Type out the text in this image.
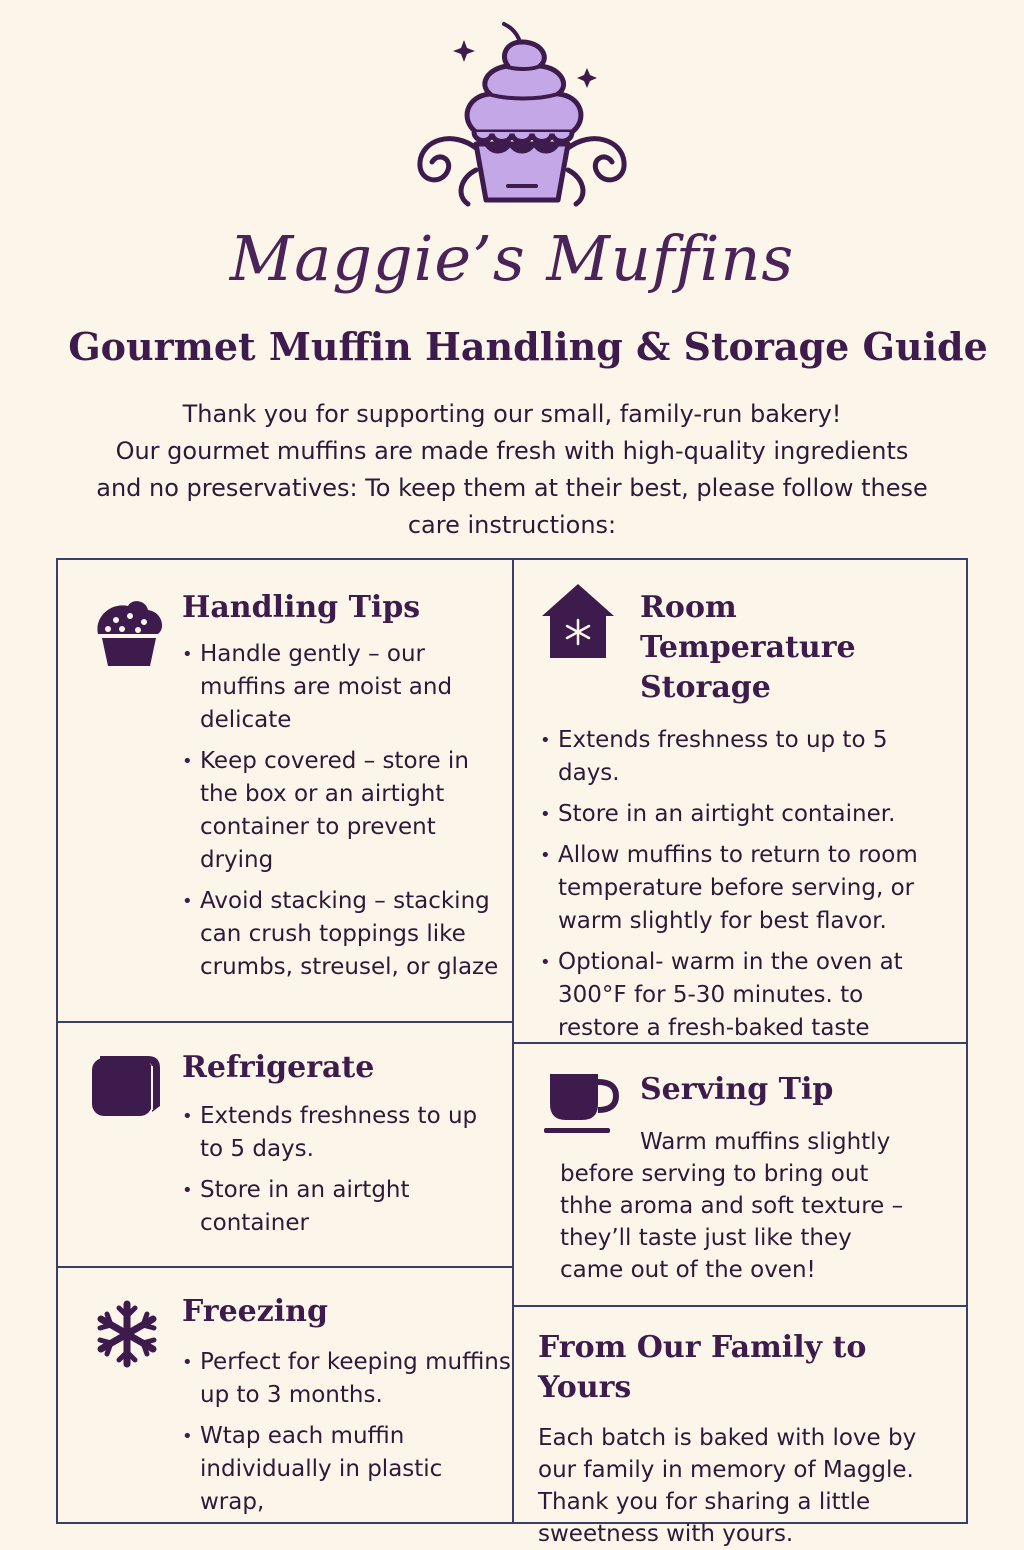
Maggie’s Muffins
Gourmet Muffin Handling & Storage Guide
Thank you for supporting our small, family-run bakery!
Our gourmet muffins are made fresh with high-quality ingredients
and no preservatives: To keep them at their best, please follow these
care instructions:
Handling Tips
• Handle gently – our muffins are moist and delicate
• Keep covered – store in the box or an airtight container to prevent drying
• Avoid stacking – stacking can crush toppings like crumbs, streusel, or glaze
Room Temperature Storage
• Extends freshness to up to 5 days.
• Store in an airtight container.
• Allow muffins to return to room temperature before serving, or warm slightly for best flavor.
• Optional- warm in the oven at 300°F for 5-30 minutes. to restore a fresh-baked taste
Refrigerate
• Extends freshness to up to 5 days.
• Store in an airtght container
Serving Tip

Warm muffins slightly before serving to bring out thhe aroma and soft texture – they’ll taste just like they came out of the oven!

Freezing
• Perfect for keeping muffins up to 3 months.
• Wtap each muffin individually in plastic wrap,
From Our Family to Yours

Each batch is baked with love by our family in memory of Maggle. Thank you for sharing a little sweetness with yours.
